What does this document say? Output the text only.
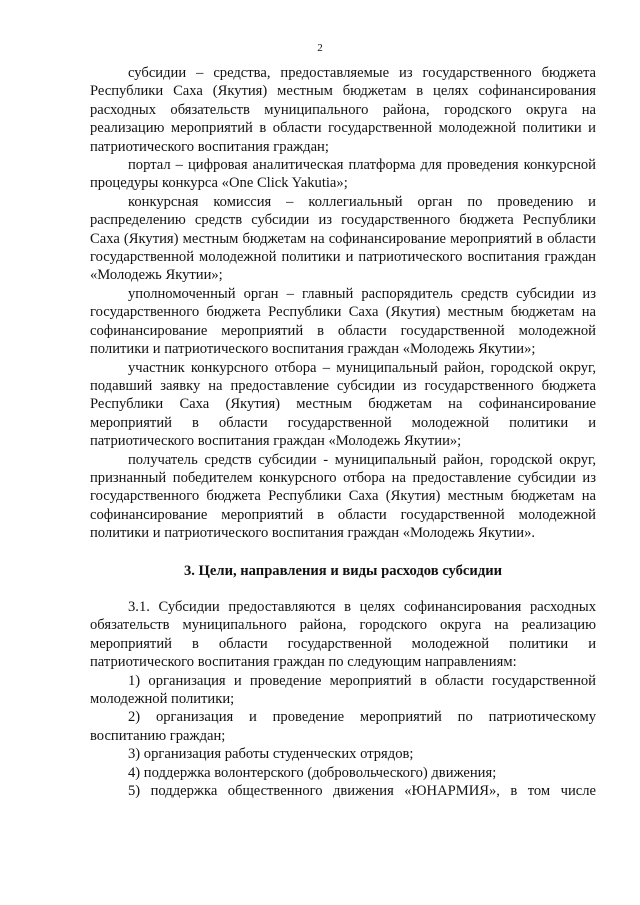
2

субсидии – средства, предоставляемые из государственного бюджета Республики Саха (Якутия) местным бюджетам в целях софинансирования расходных обязательств муниципального района, городского округа на реализацию мероприятий в области государственной молодежной политики и патриотического воспитания граждан;

портал – цифровая аналитическая платформа для проведения конкурсной процедуры конкурса «One Click Yakutia»;

конкурсная комиссия – коллегиальный орган по проведению и распределению средств субсидии из государственного бюджета Республики Саха (Якутия) местным бюджетам на софинансирование мероприятий в области государственной молодежной политики и патриотического воспитания граждан «Молодежь Якутии»;

уполномоченный орган – главный распорядитель средств субсидии из государственного бюджета Республики Саха (Якутия) местным бюджетам на софинансирование мероприятий в области государственной молодежной политики и патриотического воспитания граждан «Молодежь Якутии»;

участник конкурсного отбора – муниципальный район, городской округ, подавший заявку на предоставление субсидии из государственного бюджета Республики Саха (Якутия) местным бюджетам на софинансирование мероприятий в области государственной молодежной политики и патриотического воспитания граждан «Молодежь Якутии»;

получатель средств субсидии - муниципальный район, городской округ, признанный победителем конкурсного отбора на предоставление субсидии из государственного бюджета Республики Саха (Якутия) местным бюджетам на софинансирование мероприятий в области государственной молодежной политики и патриотического воспитания граждан «Молодежь Якутии».

3. Цели, направления и виды расходов субсидии

3.1. Субсидии предоставляются в целях софинансирования расходных обязательств муниципального района, городского округа на реализацию мероприятий в области государственной молодежной политики и патриотического воспитания граждан по следующим направлениям:

1) организация и проведение мероприятий в области государственной молодежной политики;

2) организация и проведение мероприятий по патриотическому воспитанию граждан;

3) организация работы студенческих отрядов;

4) поддержка волонтерского (добровольческого) движения;

5) поддержка общественного движения «ЮНАРМИЯ», в том числе
